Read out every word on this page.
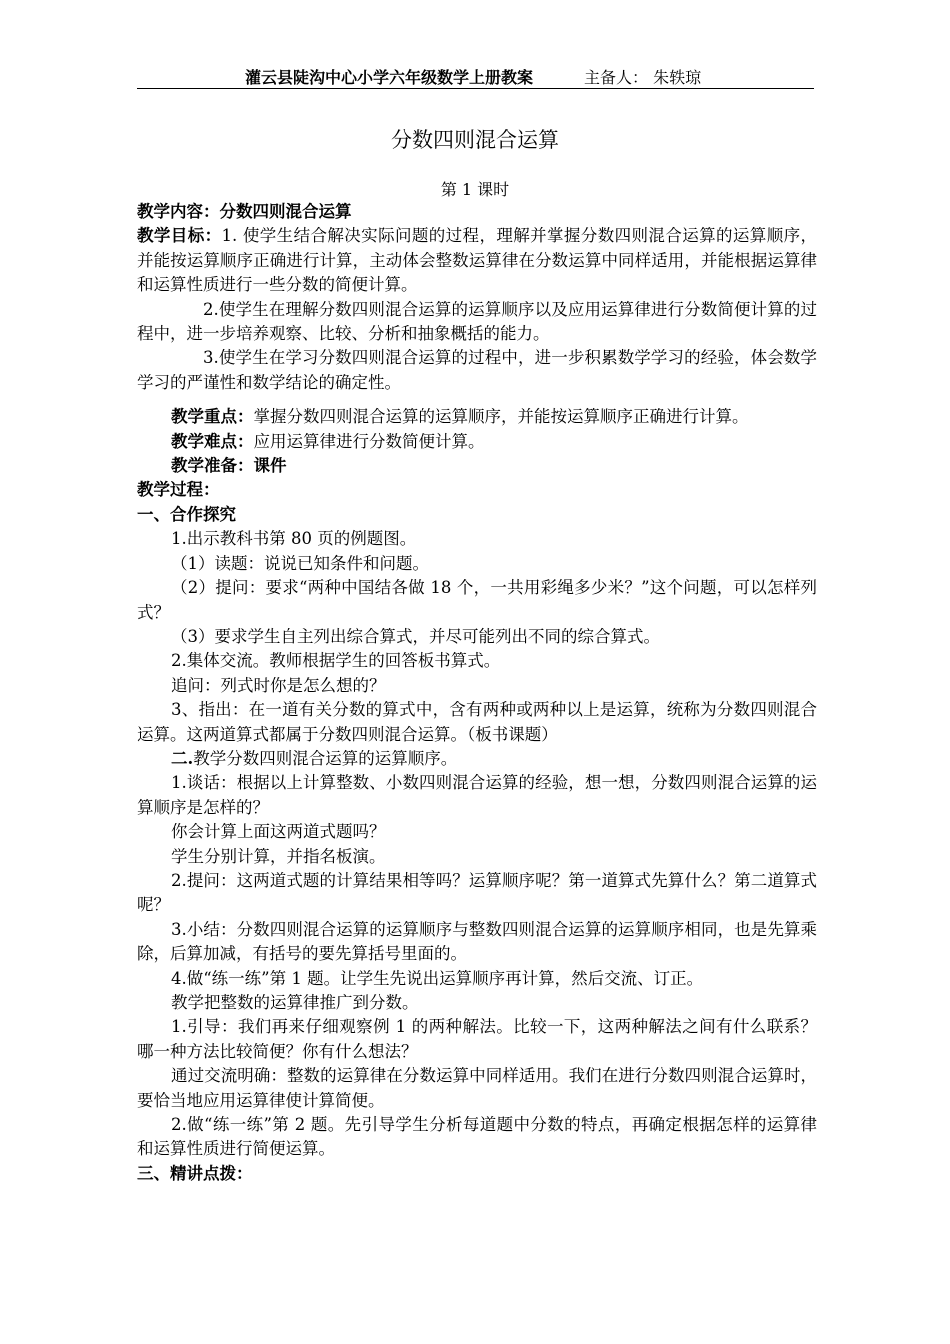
灌云县陡沟中心小学六年级数学上册教案	主备人： 朱轶琼
分数四则混合运算
第 1 课时

教学内容：分数四则混合运算

教学目标：1. 使学生结合解决实际问题的过程，理解并掌握分数四则混合运算的运算顺序，并能按运算顺序正确进行计算，主动体会整数运算律在分数运算中同样适用，并能根据运算律和运算性质进行一些分数的简便计算。

2.使学生在理解分数四则混合运算的运算顺序以及应用运算律进行分数简便计算的过程中，进一步培养观察、比较、分析和抽象概括的能力。

3.使学生在学习分数四则混合运算的过程中，进一步积累数学学习的经验，体会数学学习的严谨性和数学结论的确定性。

教学重点：掌握分数四则混合运算的运算顺序，并能按运算顺序正确进行计算。

教学难点：应用运算律进行分数简便计算。

教学准备：课件

教学过程：

一、合作探究

1.出示教科书第 80 页的例题图。

（1）读题：说说已知条件和问题。

（2）提问：要求“两种中国结各做 18 个，一共用彩绳多少米？”这个问题，可以怎样列式？

（3）要求学生自主列出综合算式，并尽可能列出不同的综合算式。

2.集体交流。教师根据学生的回答板书算式。

追问：列式时你是怎么想的？

3、指出：在一道有关分数的算式中，含有两种或两种以上是运算，统称为分数四则混合运算。这两道算式都属于分数四则混合运算。（板书课题）

二.教学分数四则混合运算的运算顺序。

1.谈话：根据以上计算整数、小数四则混合运算的经验，想一想，分数四则混合运算的运算顺序是怎样的？

你会计算上面这两道式题吗？

学生分别计算，并指名板演。

2.提问：这两道式题的计算结果相等吗？运算顺序呢？第一道算式先算什么？第二道算式呢？

3.小结：分数四则混合运算的运算顺序与整数四则混合运算的运算顺序相同，也是先算乘除，后算加减，有括号的要先算括号里面的。

4.做“练一练”第 1 题。让学生先说出运算顺序再计算，然后交流、订正。

教学把整数的运算律推广到分数。

1.引导：我们再来仔细观察例 1 的两种解法。比较一下，这两种解法之间有什么联系？哪一种方法比较简便？你有什么想法？

通过交流明确：整数的运算律在分数运算中同样适用。我们在进行分数四则混合运算时，要恰当地应用运算律使计算简便。

2.做“练一练”第 2 题。先引导学生分析每道题中分数的特点，再确定根据怎样的运算律和运算性质进行简便运算。

三、精讲点拨：
